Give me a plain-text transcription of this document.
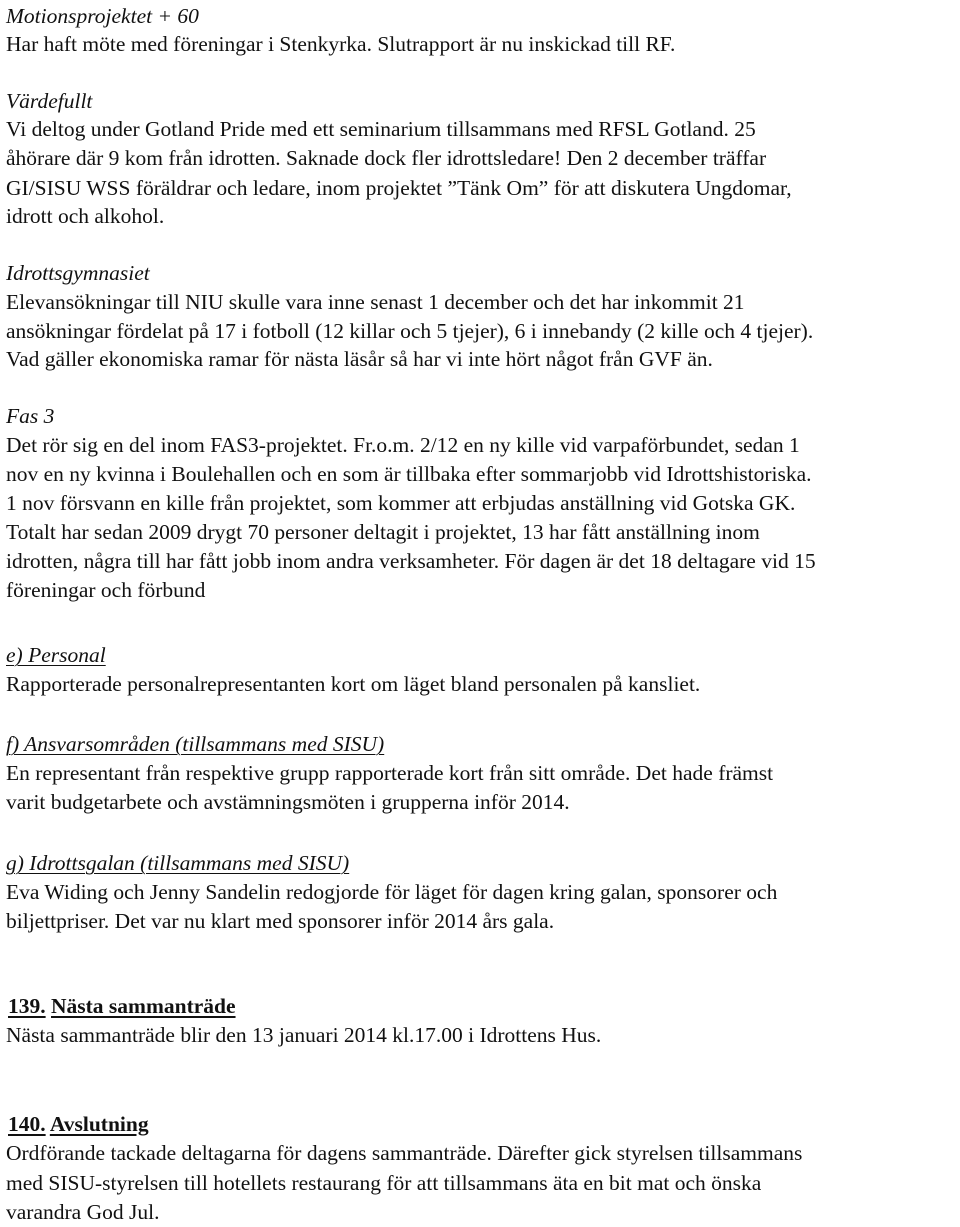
Motionsprojektet + 60
Har haft möte med föreningar i Stenkyrka. Slutrapport är nu inskickad till RF.
Värdefullt
Vi deltog under Gotland Pride med ett seminarium tillsammans med RFSL Gotland. 25
åhörare där 9 kom från idrotten. Saknade dock fler idrottsledare! Den 2 december träffar
GI/SISU WSS föräldrar och ledare, inom projektet ”Tänk Om” för att diskutera Ungdomar,
idrott och alkohol.
Idrottsgymnasiet
Elevansökningar till NIU skulle vara inne senast 1 december och det har inkommit 21
ansökningar fördelat på 17 i fotboll (12 killar och 5 tjejer), 6 i innebandy (2 kille och 4 tjejer).
Vad gäller ekonomiska ramar för nästa läsår så har vi inte hört något från GVF än.
Fas 3
Det rör sig en del inom FAS3-projektet. Fr.o.m. 2/12 en ny kille vid varpaförbundet, sedan 1
nov en ny kvinna i Boulehallen och en som är tillbaka efter sommarjobb vid Idrottshistoriska.
1 nov försvann en kille från projektet, som kommer att erbjudas anställning vid Gotska GK.
Totalt har sedan 2009 drygt 70 personer deltagit i projektet, 13 har fått anställning inom
idrotten, några till har fått jobb inom andra verksamheter. För dagen är det 18 deltagare vid 15
föreningar och förbund
e) Personal
Rapporterade personalrepresentanten kort om läget bland personalen på kansliet.
f) Ansvarsområden (tillsammans med SISU)
En representant från respektive grupp rapporterade kort från sitt område. Det hade främst
varit budgetarbete och avstämningsmöten i grupperna inför 2014.
g) Idrottsgalan (tillsammans med SISU)
Eva Widing och Jenny Sandelin redogjorde för läget för dagen kring galan, sponsorer och
biljettpriser. Det var nu klart med sponsorer inför 2014 års gala.
139. Nästa sammanträde
Nästa sammanträde blir den 13 januari 2014 kl.17.00 i Idrottens Hus.
140. Avslutning
Ordförande tackade deltagarna för dagens sammanträde. Därefter gick styrelsen tillsammans
med SISU-styrelsen till hotellets restaurang för att tillsammans äta en bit mat och önska
varandra God Jul.
